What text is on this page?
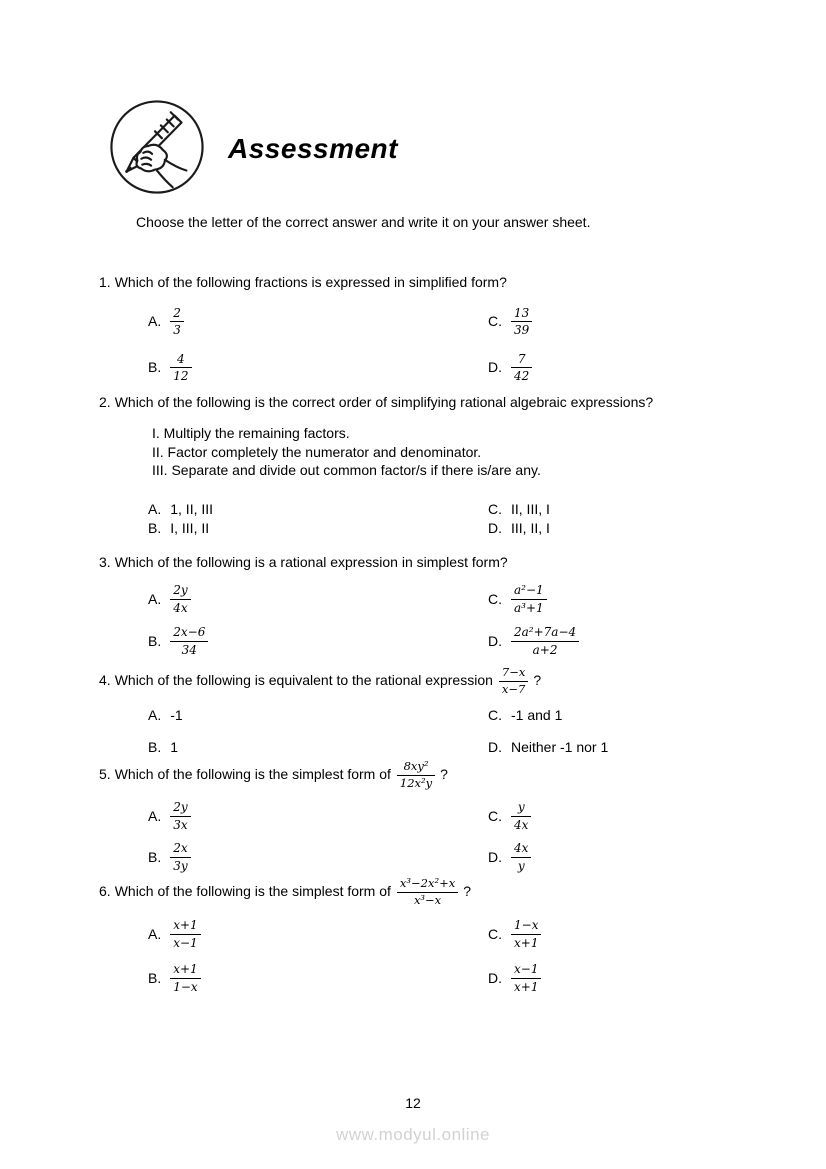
Assessment
Choose the letter of the correct answer and write it on your answer sheet.
1. Which of the following fractions is expressed in simplified form?
A. $\frac{2}{3}$	C. $\frac{13}{39}$
B. $\frac{4}{12}$	D. $\frac{7}{42}$
2. Which of the following is the correct order of simplifying rational algebraic expressions?
I. Multiply the remaining factors.
II. Factor completely the numerator and denominator.
III. Separate and divide out common factor/s if there is/are any.
A. 1, II, III	C. II, III, I
B. I, III, II	D. III, II, I
3. Which of the following is a rational expression in simplest form?
A. $\frac{2y}{4x}$	C. $\frac{\text{a²−1}}{\text{a³+1}}$
B. $\frac{2x-6}{34}$	D. $\frac{\text{2a²+7a−4}}{a+2}$
4. Which of the following is equivalent to the rational expression $\frac{7-x}{x-7}$ ?
A. -1	C. -1 and 1
B. 1	D. Neither -1 nor 1
5. Which of the following is the simplest form of $\frac{\text{8xy²}}{\text{12x²y}}$ ?
A. $\frac{2y}{3x}$	C. $\frac{y}{4x}$
B. $\frac{2x}{3y}$	D. $\frac{4x}{y}$
6. Which of the following is the simplest form of $\frac{\text{x³−2x²+x}}{\text{x³−x}}$ ?
A. $\frac{x+1}{x-1}$	C. $\frac{1-x}{x+1}$
B. $\frac{x+1}{1-x}$	D. $\frac{x-1}{x+1}$
12
www.modyul.online
